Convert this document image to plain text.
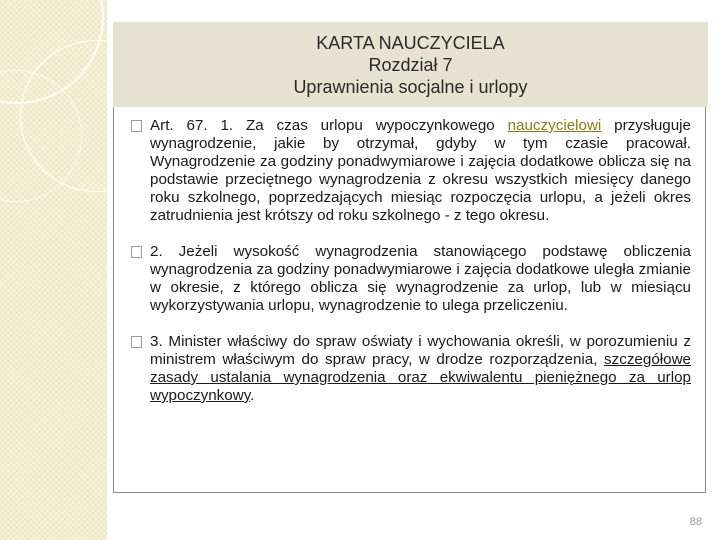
KARTA NAUCZYCIELA
Rozdział 7
Uprawnienia socjalne i urlopy
Art. 67. 1. Za czas urlopu wypoczynkowego nauczycielowi przysługuje wynagrodzenie, jakie by otrzymał, gdyby w tym czasie pracował. Wynagrodzenie za godziny ponadwymiarowe i zajęcia dodatkowe oblicza się na podstawie przeciętnego wynagrodzenia z okresu wszystkich miesięcy danego roku szkolnego, poprzedzających miesiąc rozpoczęcia urlopu, a jeżeli okres zatrudnienia jest krótszy od roku szkolnego - z tego okresu.
2. Jeżeli wysokość wynagrodzenia stanowiącego podstawę obliczenia wynagrodzenia za godziny ponadwymiarowe i zajęcia dodatkowe uległa zmianie w okresie, z którego oblicza się wynagrodzenie za urlop, lub w miesiącu wykorzystywania urlopu, wynagrodzenie to ulega przeliczeniu.
3. Minister właściwy do spraw oświaty i wychowania określi, w porozumieniu z ministrem właściwym do spraw pracy, w drodze rozporządzenia, szczegółowe zasady ustalania wynagrodzenia oraz ekwiwalentu pieniężnego za urlop wypoczynkowy.
88
